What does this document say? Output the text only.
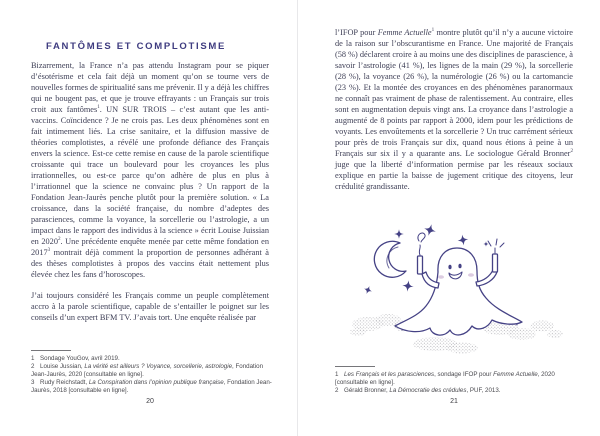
FANTÔMES ET COMPLOTISME

Bizarrement, la France n’a pas attendu Instagram pour se piquer d’ésotérisme et cela fait déjà un moment qu’on se tourne vers de nouvelles formes de spiritualité sans me prévenir. Il y a déjà les chiffres qui ne bougent pas, et que je trouve effrayants : un Français sur trois croit aux fantômes$^1$. UN SUR TROIS – c’est autant que les anti-vaccins. Coïncidence ? Je ne crois pas. Les deux phénomènes sont en fait intimement liés. La crise sanitaire, et la diffusion massive de théories complotistes, a révélé une profonde défiance des Français envers la science. Est-ce cette remise en cause de la parole scientifique croissante qui trace un boulevard pour les croyances les plus irrationnelles, ou est-ce parce qu’on adhère de plus en plus à l’irrationnel que la science ne convainc plus ? Un rapport de la Fondation Jean-Jaurès penche plutôt pour la première solution. « La croissance, dans la société française, du nombre d’adeptes des parasciences, comme la voyance, la sorcellerie ou l’astrologie, a un impact dans le rapport des individus à la science » écrit Louise Juissian en 2020$^2$. Une précédente enquête menée par cette même fondation en 2017$^3$ montrait déjà comment la proportion de personnes adhérant à des thèses complotistes à propos des vaccins était nettement plus élevée chez les fans d’horoscopes.

J’ai toujours considéré les Français comme un peuple complètement accro à la parole scientifique, capable de s’entailler le poignet sur les conseils d’un expert BFM TV. J’avais tort. Une enquête réalisée par

1 Sondage YouGov, avril 2019.

2 Louise Jussian, La vérité est ailleurs ? Voyance, sorcellerie, astrologie, Fondation Jean-Jaurès, 2020 [consultable en ligne].

3 Rudy Reichstadt, La Conspiration dans l’opinion publique française, Fondation Jean-Jaurès, 2018 [consultable en ligne].

20

l’IFOP pour Femme Actuelle$^1$ montre plutôt qu’il n’y a aucune victoire de la raison sur l’obscurantisme en France. Une majorité de Français (58 %) déclarent croire à au moins une des disciplines de parascience, à savoir l’astrologie (41 %), les lignes de la main (29 %), la sorcellerie (28 %), la voyance (26 %), la numérologie (26 %) ou la cartomancie (23 %). Et la montée des croyances en des phénomènes paranormaux ne connaît pas vraiment de phase de ralentissement. Au contraire, elles sont en augmentation depuis vingt ans. La croyance dans l’astrologie a augmenté de 8 points par rapport à 2000, idem pour les prédictions de voyants. Les envoûtements et la sorcellerie ? Un truc carrément sérieux pour près de trois Français sur dix, quand nous étions à peine à un Français sur six il y a quarante ans. Le sociologue Gérald Bronner$^2$ juge que la liberté d’information permise par les réseaux sociaux explique en partie la baisse de jugement critique des citoyens, leur crédulité grandissante.

1 Les Français et les parasciences, sondage IFOP pour Femme Actuelle, 2020 [consultable en ligne].

2 Gérald Bronner, La Démocratie des crédules, PUF, 2013.

21
